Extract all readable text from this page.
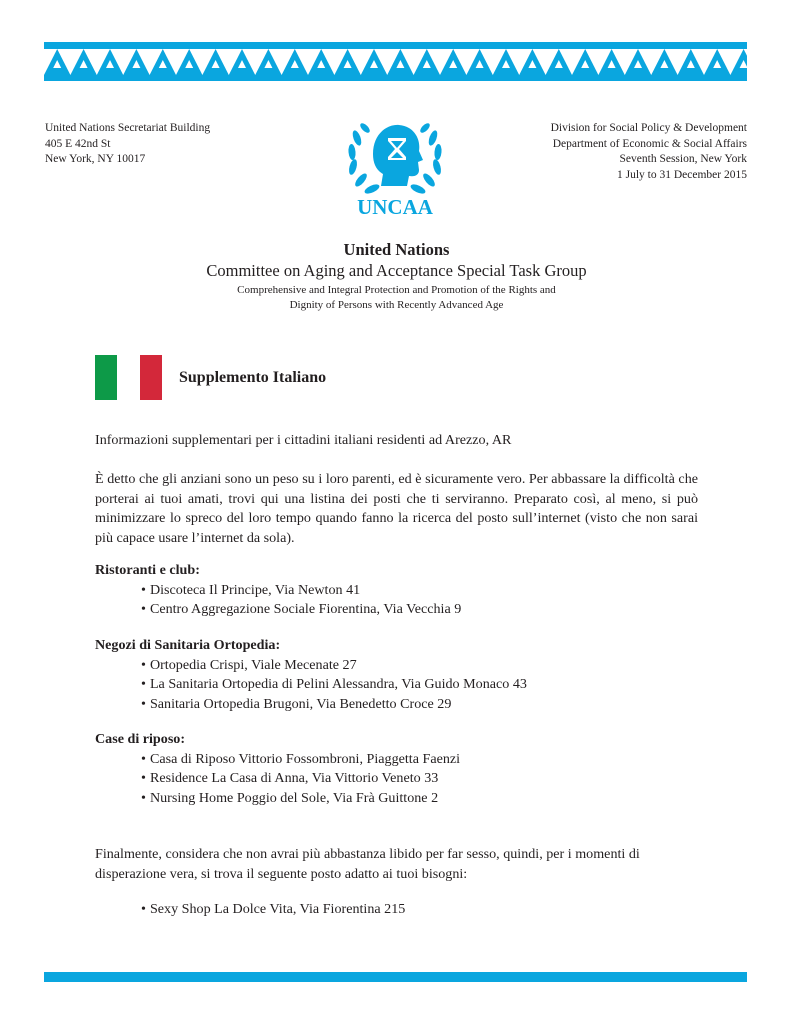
United Nations Secretariat Building
405 E 42nd St
New York, NY 10017
UNCAA
Division for Social Policy & Development
Department of Economic & Social Affairs
Seventh Session, New York
1 July to 31 December 2015
United Nations
Committee on Aging and Acceptance Special Task Group
Comprehensive and Integral Protection and Promotion of the Rights and
Dignity of Persons with Recently Advanced Age
Supplemento Italiano
Informazioni supplementari per i cittadini italiani residenti ad Arezzo, AR
È detto che gli anziani sono un peso su i loro parenti, ed è sicuramente vero. Per abbassare la difficoltà che porterai ai tuoi amati, trovi qui una listina dei posti che ti serviranno. Preparato così, al meno, si può minimizzare lo spreco del loro tempo quando fanno la ricerca del posto sull’internet (visto che non sarai più capace usare l’internet da sola).
Ristoranti e club:
• Discoteca Il Principe, Via Newton 41
• Centro Aggregazione Sociale Fiorentina, Via Vecchia 9
Negozi di Sanitaria Ortopedia:
• Ortopedia Crispi, Viale Mecenate 27
• La Sanitaria Ortopedia di Pelini Alessandra, Via Guido Monaco 43
• Sanitaria Ortopedia Brugoni, Via Benedetto Croce 29
Case di riposo:
• Casa di Riposo Vittorio Fossombroni, Piaggetta Faenzi
• Residence La Casa di Anna, Via Vittorio Veneto 33
• Nursing Home Poggio del Sole, Via Frà Guittone 2
Finalmente, considera che non avrai più abbastanza libido per far sesso, quindi, per i momenti di disperazione vera, si trova il seguente posto adatto ai tuoi bisogni:
• Sexy Shop La Dolce Vita, Via Fiorentina 215
